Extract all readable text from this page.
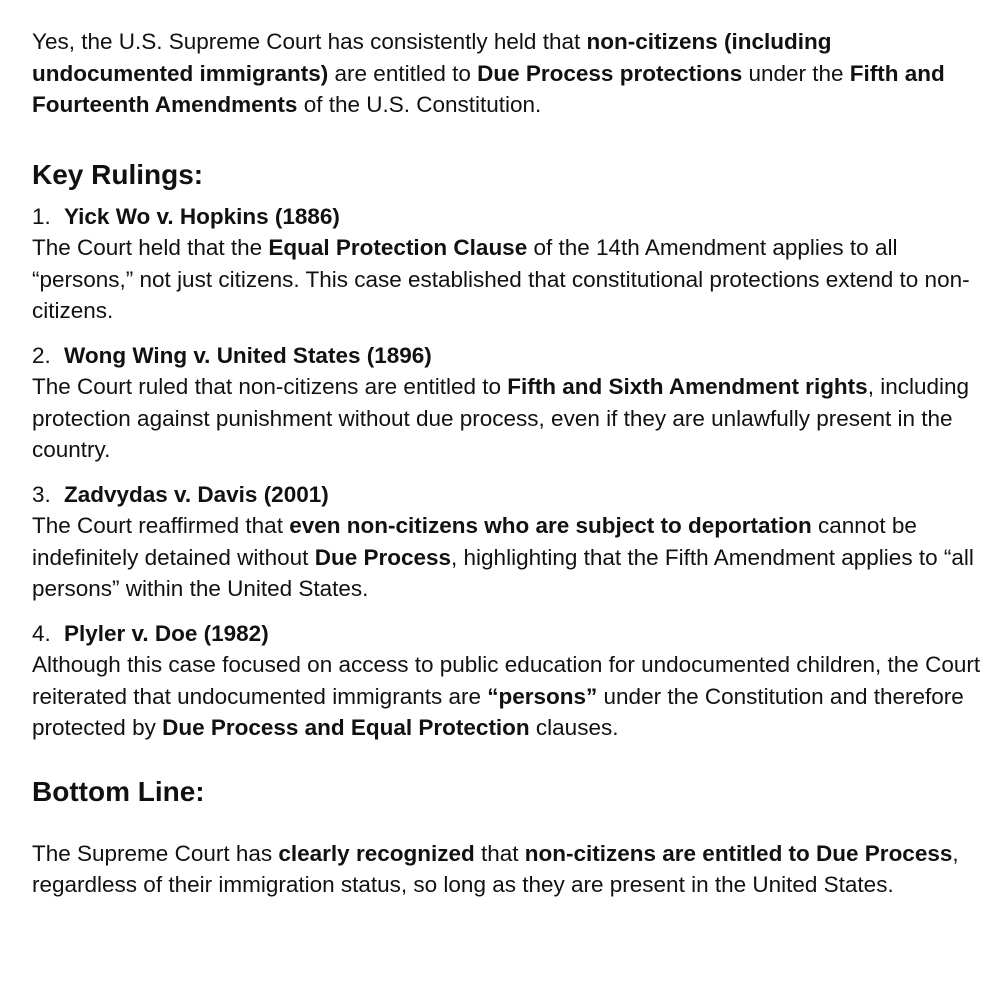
Yes, the U.S. Supreme Court has consistently held that non-citizens (including undocumented immigrants) are entitled to Due Process protections under the Fifth and Fourteenth Amendments of the U.S. Constitution.

Key Rulings:

1. Yick Wo v. Hopkins (1886)
The Court held that the Equal Protection Clause of the 14th Amendment applies to all “persons,” not just citizens. This case established that constitutional protections extend to non-citizens.

2. Wong Wing v. United States (1896)
The Court ruled that non-citizens are entitled to Fifth and Sixth Amendment rights, including protection against punishment without due process, even if they are unlawfully present in the country.

3. Zadvydas v. Davis (2001)
The Court reaffirmed that even non-citizens who are subject to deportation cannot be indefinitely detained without Due Process, highlighting that the Fifth Amendment applies to “all persons” within the United States.

4. Plyler v. Doe (1982)
Although this case focused on access to public education for undocumented children, the Court reiterated that undocumented immigrants are “persons” under the Constitution and therefore protected by Due Process and Equal Protection clauses.

Bottom Line:

The Supreme Court has clearly recognized that non-citizens are entitled to Due Process, regardless of their immigration status, so long as they are present in the United States.
